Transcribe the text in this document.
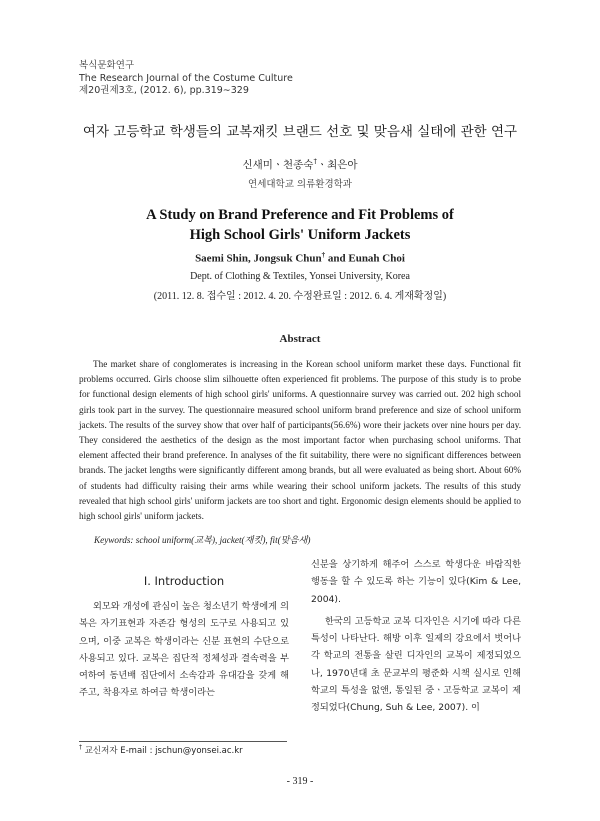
복식문화연구
The Research Journal of the Costume Culture
제20권제3호, (2012. 6), pp.319∼329
여자 고등학교 학생들의 교복재킷 브랜드 선호 및 맞음새 실태에 관한 연구
신새미ㆍ천종숙†ㆍ최은아
연세대학교 의류환경학과
A Study on Brand Preference and Fit Problems of
High School Girls' Uniform Jackets
Saemi Shin, Jongsuk Chun† and Eunah Choi
Dept. of Clothing & Textiles, Yonsei University, Korea
(2011. 12. 8. 접수일 : 2012. 4. 20. 수정완료일 : 2012. 6. 4. 게재확정일)
Abstract

The market share of conglomerates is increasing in the Korean school uniform market these days. Functional fit problems occurred. Girls choose slim silhouette often experienced fit problems. The purpose of this study is to probe for functional design elements of high school girls' uniforms. A questionnaire survey was carried out. 202 high school girls took part in the survey. The questionnaire measured school uniform brand preference and size of school uniform jackets. The results of the survey show that over half of participants(56.6%) wore their jackets over nine hours per day. They considered the aesthetics of the design as the most important factor when purchasing school uniforms. That element affected their brand preference. In analyses of the fit suitability, there were no significant differences between brands. The jacket lengths were significantly different among brands, but all were evaluated as being short. About 60% of students had difficulty raising their arms while wearing their school uniform jackets. The results of this study revealed that high school girls' uniform jackets are too short and tight. Ergonomic design elements should be applied to high school girls' uniform jackets.

Keywords: school uniform(교복), jacket(재킷), fit(맞음새)
Ⅰ. Introduction

외모와 개성에 관심이 높은 청소년기 학생에게 의복은 자기표현과 자존감 형성의 도구로 사용되고 있으며, 이중 교복은 학생이라는 신분 표현의 수단으로 사용되고 있다. 교복은 집단적 정체성과 결속력을 부여하여 동년배 집단에서 소속감과 유대감을 갖게 해주고, 착용자로 하여금 학생이라는

신분을 상기하게 해주어 스스로 학생다운 바람직한 행동을 할 수 있도록 하는 기능이 있다(Kim & Lee, 2004).

한국의 고등학교 교복 디자인은 시기에 따라 다른 특성이 나타난다. 해방 이후 일제의 강요에서 벗어나 각 학교의 전통을 살린 디자인의 교복이 제정되었으나, 1970년대 초 문교부의 평준화 시책 실시로 인해 학교의 특성을 없앤, 통일된 중ㆍ고등학교 교복이 제정되었다(Chung, Suh & Lee, 2007). 이

† 교신저자 E-mail : jschun@yonsei.ac.kr
- 319 -
